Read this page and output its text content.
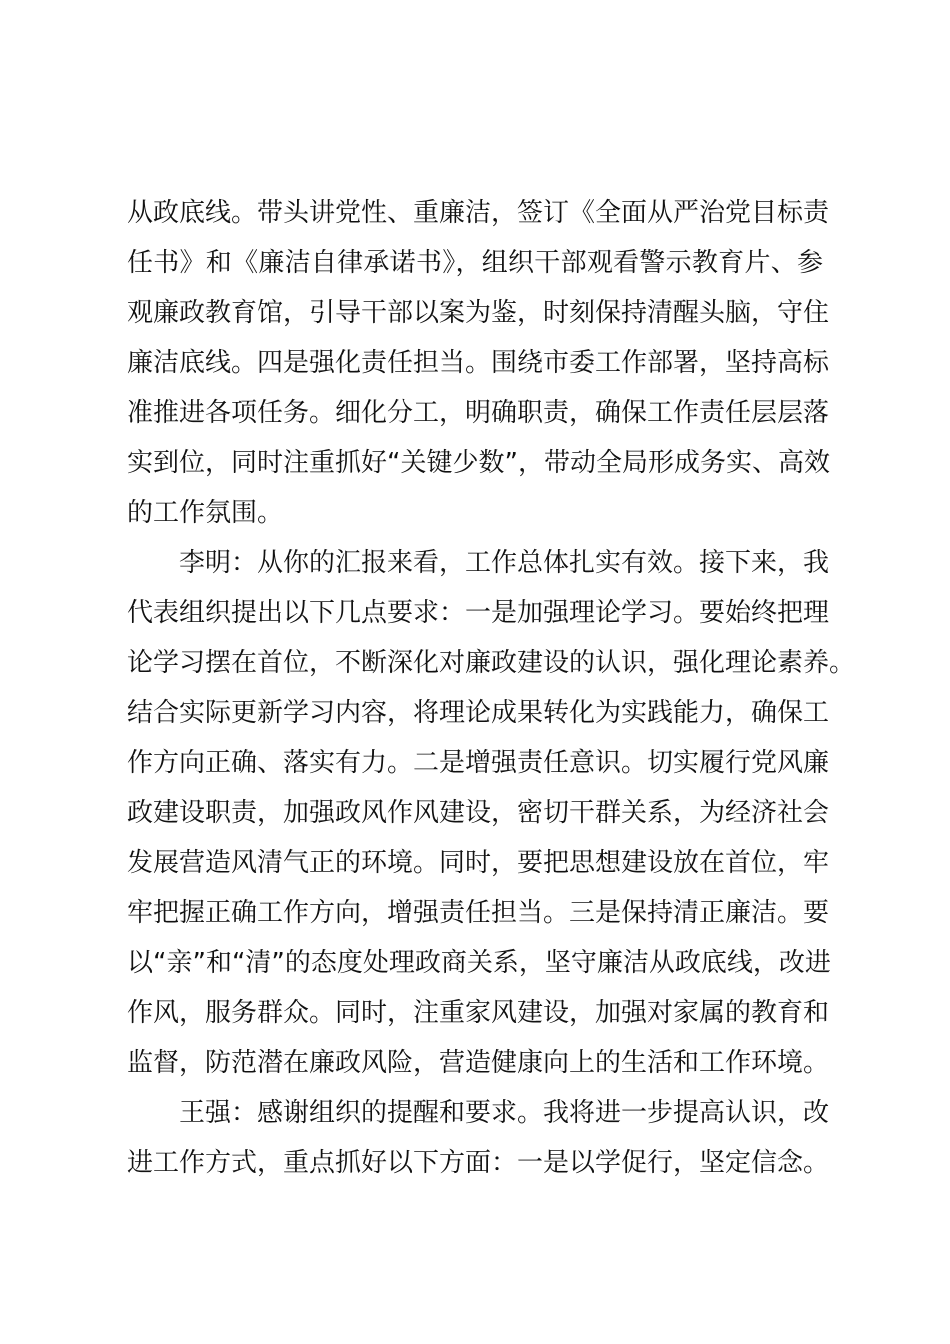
从政底线。带头讲党性、重廉洁，签订《全面从严治党目标责
任书》和《廉洁自律承诺书》，组织干部观看警示教育片、参
观廉政教育馆，引导干部以案为鉴，时刻保持清醒头脑，守住
廉洁底线。四是强化责任担当。围绕市委工作部署，坚持高标
准推进各项任务。细化分工，明确职责，确保工作责任层层落
实到位，同时注重抓好“关键少数”，带动全局形成务实、高效
的工作氛围。
李明：从你的汇报来看，工作总体扎实有效。接下来，我
代表组织提出以下几点要求：一是加强理论学习。要始终把理
论学习摆在首位，不断深化对廉政建设的认识，强化理论素养。
结合实际更新学习内容，将理论成果转化为实践能力，确保工
作方向正确、落实有力。二是增强责任意识。切实履行党风廉
政建设职责，加强政风作风建设，密切干群关系，为经济社会
发展营造风清气正的环境。同时，要把思想建设放在首位，牢
牢把握正确工作方向，增强责任担当。三是保持清正廉洁。要
以“亲”和“清”的态度处理政商关系，坚守廉洁从政底线，改进
作风，服务群众。同时，注重家风建设，加强对家属的教育和
监督，防范潜在廉政风险，营造健康向上的生活和工作环境。
王强：感谢组织的提醒和要求。我将进一步提高认识，改
进工作方式，重点抓好以下方面：一是以学促行，坚定信念。
